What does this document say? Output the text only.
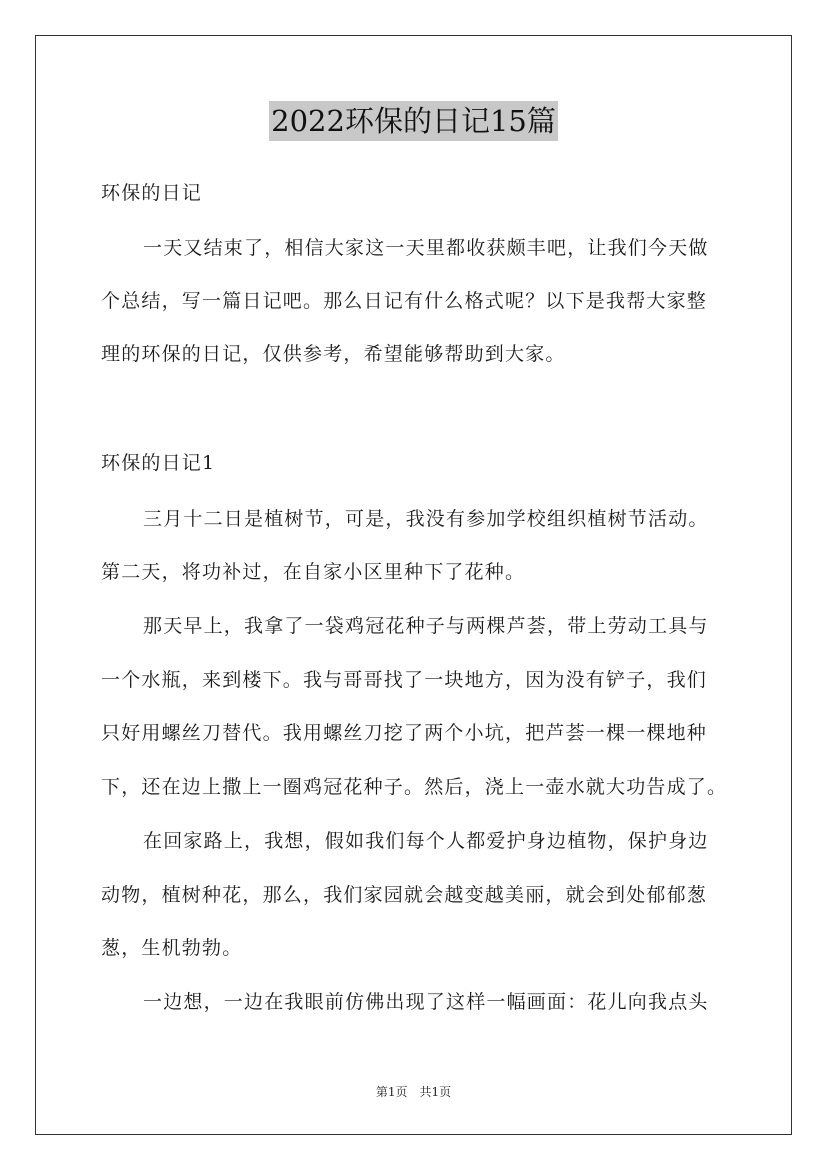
2022环保的日记15篇
环保的日记
一天又结束了，相信大家这一天里都收获颇丰吧，让我们今天做
个总结，写一篇日记吧。那么日记有什么格式呢？以下是我帮大家整
理的环保的日记，仅供参考，希望能够帮助到大家。
环保的日记1
三月十二日是植树节，可是，我没有参加学校组织植树节活动。
第二天，将功补过，在自家小区里种下了花种。
那天早上，我拿了一袋鸡冠花种子与两棵芦荟，带上劳动工具与
一个水瓶，来到楼下。我与哥哥找了一块地方，因为没有铲子，我们
只好用螺丝刀替代。我用螺丝刀挖了两个小坑，把芦荟一棵一棵地种
下，还在边上撒上一圈鸡冠花种子。然后，浇上一壶水就大功告成了。
在回家路上，我想，假如我们每个人都爱护身边植物，保护身边
动物，植树种花，那么，我们家园就会越变越美丽，就会到处郁郁葱
葱，生机勃勃。
一边想，一边在我眼前仿佛出现了这样一幅画面：花儿向我点头
第1页　共1页
